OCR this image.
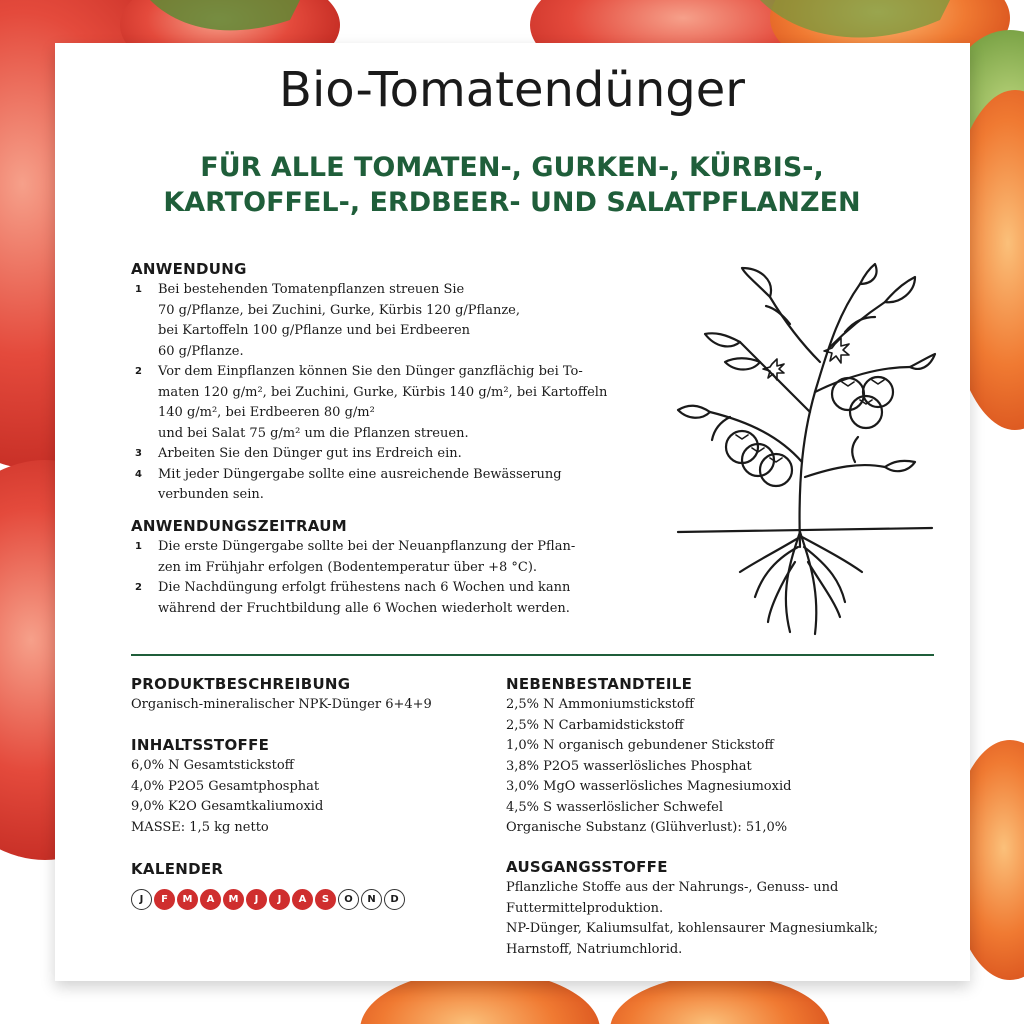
Bio-Tomatendünger
FÜR ALLE TOMATEN-, GURKEN-, KÜRBIS-,
KARTOFFEL-, ERDBEER- UND SALATPFLANZEN
ANWENDUNG
1 Bei bestehenden Tomatenpflanzen streuen Sie
70 g/Pflanze, bei Zuchini, Gurke, Kürbis 120 g/Pflanze,
bei Kartoffeln 100 g/Pflanze und bei Erdbeeren
60 g/Pflanze.
2 Vor dem Einpflanzen können Sie den Dünger ganzflächig bei To-
maten 120 g/m², bei Zuchini, Gurke, Kürbis 140 g/m², bei Kartoffeln
140 g/m², bei Erdbeeren 80 g/m²
und bei Salat 75 g/m² um die Pflanzen streuen.
3 Arbeiten Sie den Dünger gut ins Erdreich ein.
4 Mit jeder Düngergabe sollte eine ausreichende Bewässerung
verbunden sein.
ANWENDUNGSZEITRAUM
1 Die erste Düngergabe sollte bei der Neuanpflanzung der Pflan-
zen im Frühjahr erfolgen (Bodentemperatur über +8 °C).
2 Die Nachdüngung erfolgt frühestens nach 6 Wochen und kann
während der Fruchtbildung alle 6 Wochen wiederholt werden.
PRODUKTBESCHREIBUNG
Organisch-mineralischer NPK-Dünger 6+4+9
INHALTSSTOFFE
6,0% N Gesamtstickstoff
4,0% P2O5 Gesamtphosphat
9,0% K2O Gesamtkaliumoxid
MASSE: 1,5 kg netto
KALENDER
J	F	M	A	M	J	J	A	S	O	N	D
NEBENBESTANDTEILE
2,5% N Ammoniumstickstoff
2,5% N Carbamidstickstoff
1,0% N organisch gebundener Stickstoff
3,8% P2O5 wasserlösliches Phosphat
3,0% MgO wasserlösliches Magnesiumoxid
4,5% S wasserlöslicher Schwefel
Organische Substanz (Glühverlust): 51,0%
AUSGANGSSTOFFE
Pflanzliche Stoffe aus der Nahrungs-, Genuss- und
Futtermittelproduktion.
NP-Dünger, Kaliumsulfat, kohlensaurer Magnesiumkalk;
Harnstoff, Natriumchlorid.
